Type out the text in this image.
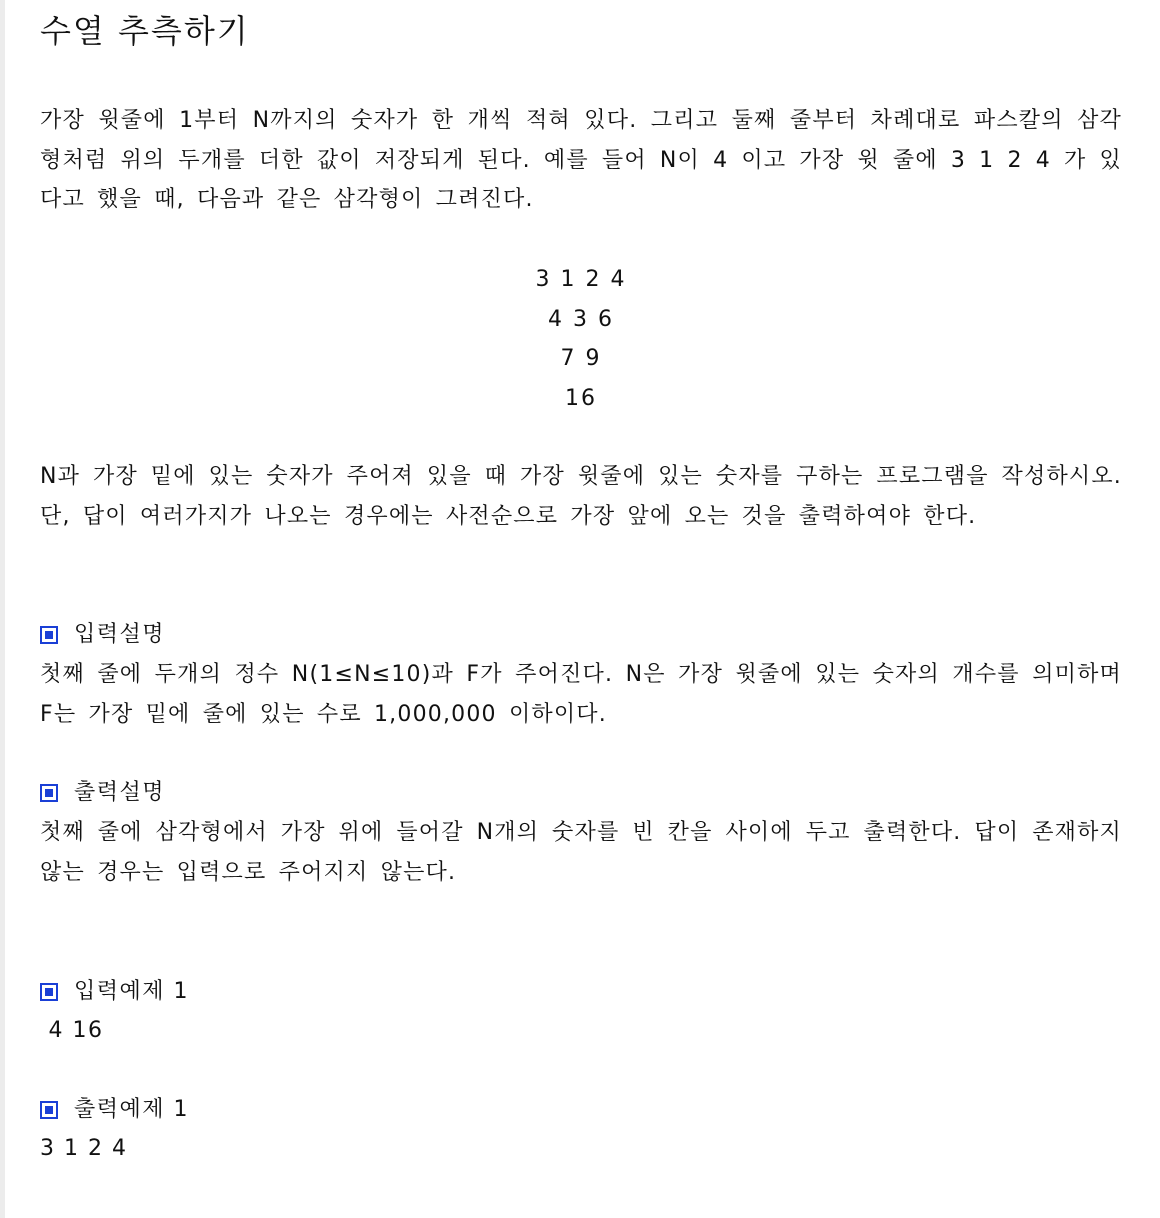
수열 추측하기

가장 윗줄에 1부터 N까지의 숫자가 한 개씩 적혀 있다. 그리고 둘째 줄부터 차례대로 파스칼의 삼각형처럼 위의 두개를 더한 값이 저장되게 된다. 예를 들어 N이 4 이고 가장 윗 줄에 3 1 2 4 가 있다고 했을 때, 다음과 같은 삼각형이 그려진다.

3 1 2 4
4 3 6
7 9
16

N과 가장 밑에 있는 숫자가 주어져 있을 때 가장 윗줄에 있는 숫자를 구하는 프로그램을 작성하시오. 단, 답이 여러가지가 나오는 경우에는 사전순으로 가장 앞에 오는 것을 출력하여야 한다.

입력설명

첫째 줄에 두개의 정수 N(1≤N≤10)과 F가 주어진다. N은 가장 윗줄에 있는 숫자의 개수를 의미하며 F는 가장 밑에 줄에 있는 수로 1,000,000 이하이다.

출력설명

첫째 줄에 삼각형에서 가장 위에 들어갈 N개의 숫자를 빈 칸을 사이에 두고 출력한다. 답이 존재하지 않는 경우는 입력으로 주어지지 않는다.

입력예제 1
4 16
출력예제 1
3 1 2 4
